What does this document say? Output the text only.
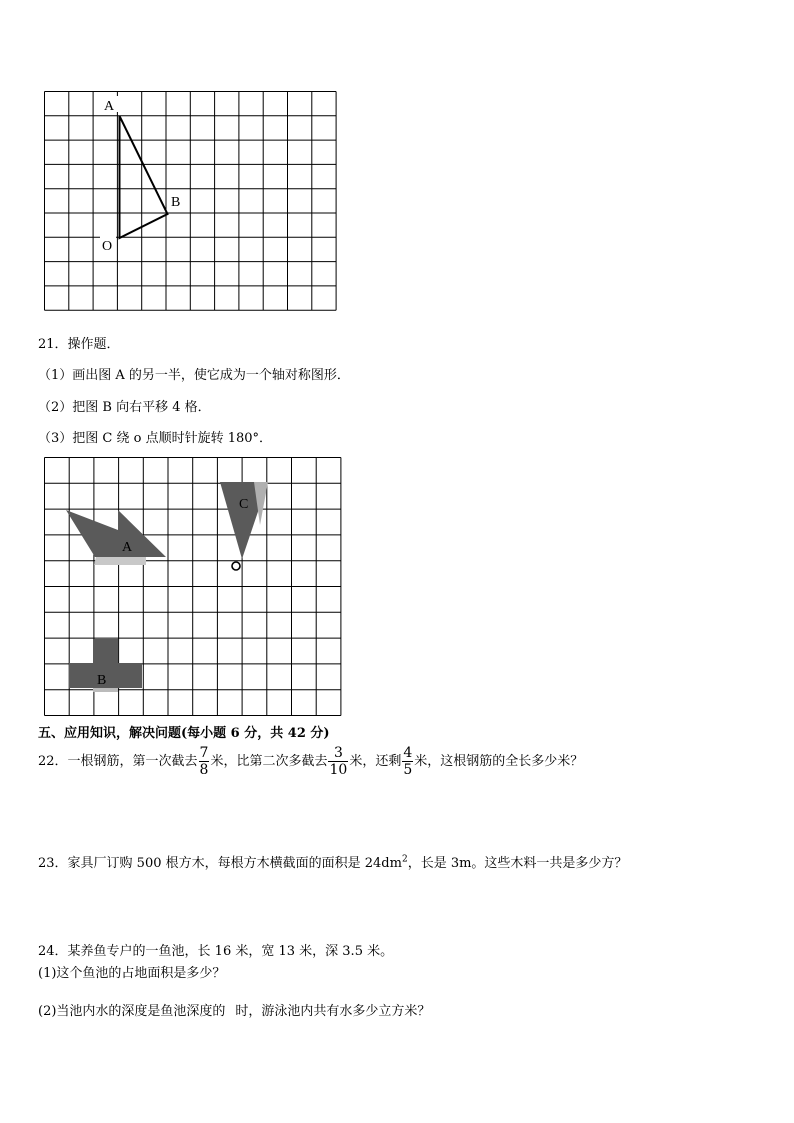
A
B
O
21．操作题．
（1）画出图 A 的另一半，使它成为一个轴对称图形．
（2）把图 B 向右平移 4 格．
（3）把图 C 绕 o 点顺时针旋转 180°．
A
B
C
五、应用知识，解决问题(每小题 6 分，共 42 分)
22．一根钢筋，第一次截去 $\frac{7}{8}$ 米，比第二次多截去 $\frac{3}{10}$ 米，还剩 $\frac{4}{5}$ 米，这根钢筋的全长多少米？
23．家具厂订购 500 根方木，每根方木横截面的面积是 $24dm^2$，长是 3m。这些木料一共是多少方？
24．某养鱼专户的一鱼池，长 16 米，宽 13 米，深 3.5 米。
(1)这个鱼池的占地面积是多少？
(2)当池内水的深度是鱼池深度的 时，游泳池内共有水多少立方米？
